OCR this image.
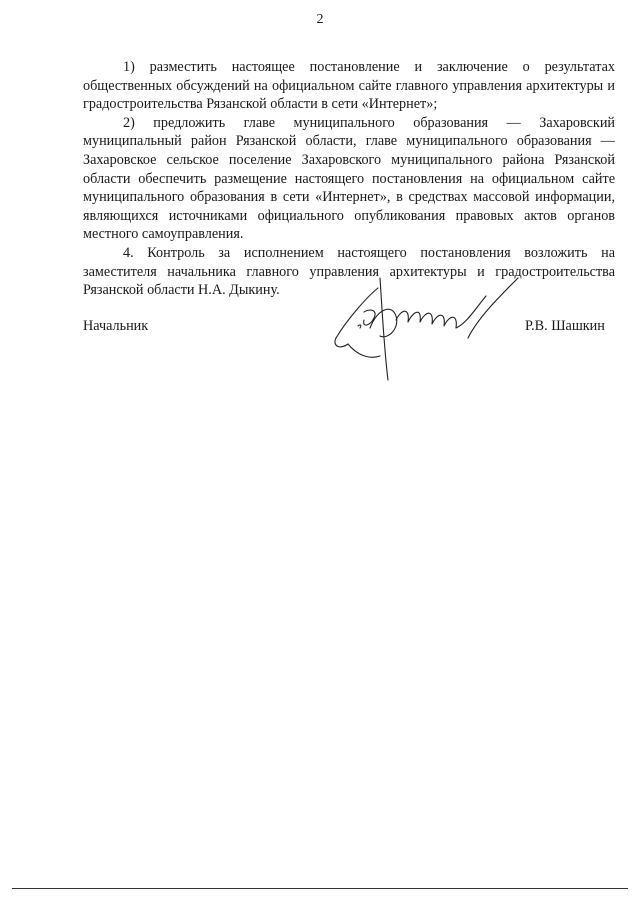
2

1) разместить настоящее постановление и заключение о результатах общественных обсуждений на официальном сайте главного управления архитектуры и градостроительства Рязанской области в сети «Интернет»;

2) предложить главе муниципального образования — Захаровский муниципальный район Рязанской области, главе муниципального образования — Захаровское сельское поселение Захаровского муниципального района Рязанской области обеспечить размещение настоящего постановления на официальном сайте муниципального образования в сети «Интернет», в средствах массовой информации, являющихся источниками официального опубликования правовых актов органов местного самоуправления.

4. Контроль за исполнением настоящего постановления возложить на заместителя начальника главного управления архитектуры и градостроительства Рязанской области Н.А. Дыкину.

Начальник	Р.В. Шашкин
